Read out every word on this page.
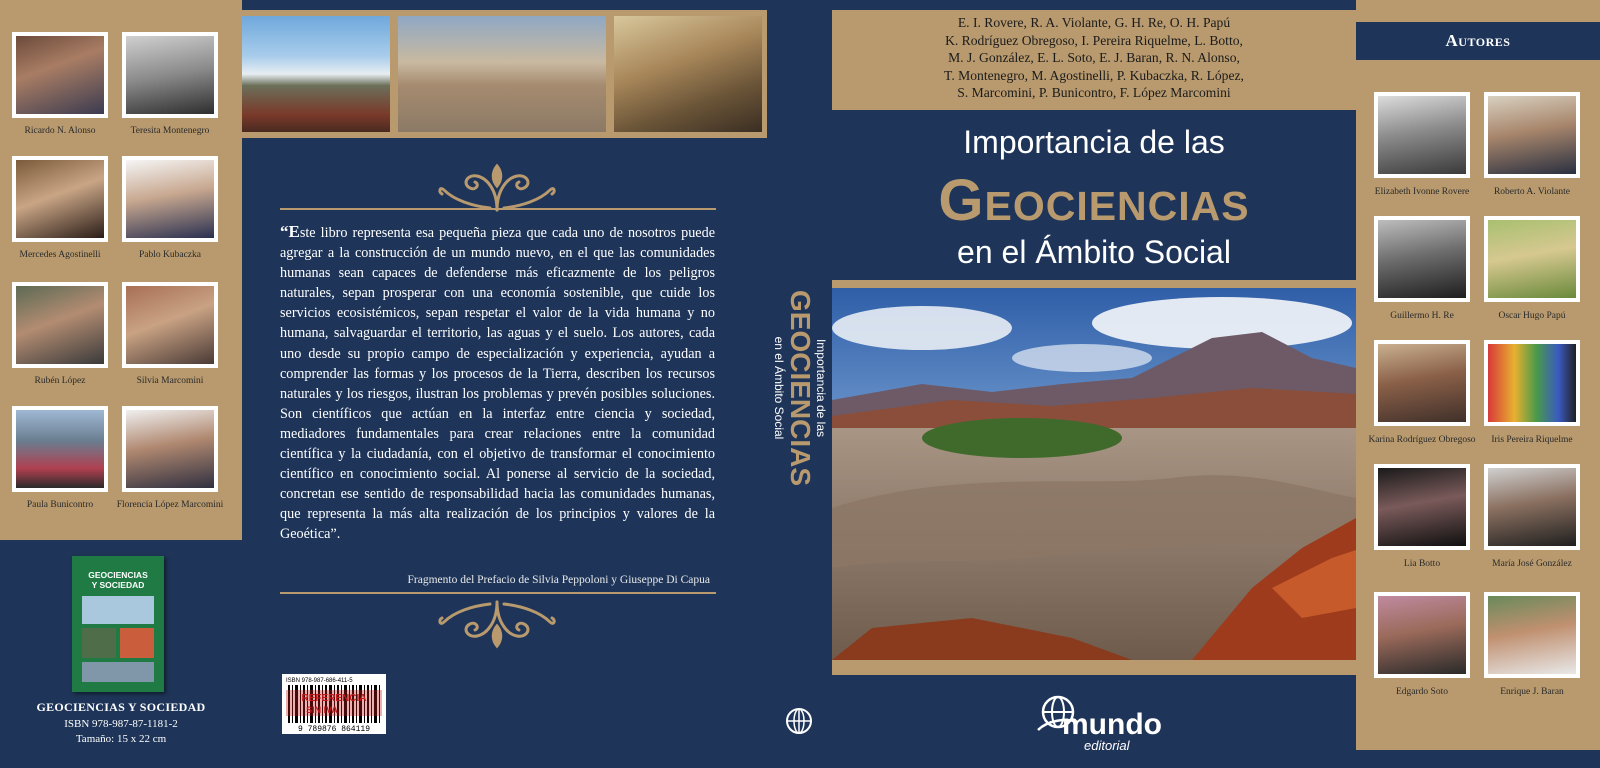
Ricardo N. Alonso	Teresita Montenegro
Mercedes Agostinelli	Pablo Kubaczka
Rubén López	Silvia Marcomini
Paula Bunicontro	Florencia López Marcomini
GEOCIENCIAS
Y SOCIEDAD
GEOCIENCIAS Y SOCIEDAD
ISBN 978-987-87-1181-2
Tamaño: 15 x 22 cm
“Este libro representa esa pequeña pieza que cada uno de nosotros puede agregar a la construcción de un mundo nuevo, en el que las comunidades humanas sean capaces de defenderse más eficazmente de los peligros naturales, sepan prosperar con una economía sostenible, que cuide los servicios ecosistémicos, sepan respetar el valor de la vida humana y no humana, salvaguardar el territorio, las aguas y el suelo. Los autores, cada uno desde su propio campo de especialización y experiencia, ayudan a comprender las formas y los procesos de la Tierra, describen los recursos naturales y los riesgos, ilustran los problemas y prevén posibles soluciones. Son científicos que actúan en la interfaz entre ciencia y sociedad, mediadores fundamentales para crear relaciones entre la comunidad científica y la ciudadanía, con el objetivo de transformar el conocimiento científico en conocimiento social. Al ponerse al servicio de la sociedad, concretan ese sentido de responsabilidad hacia las comunidades humanas, que representa la más alta realización de los principios y valores de la Geoética”.
Fragmento del Prefacio de Silvia Peppoloni y Giuseppe Di Capua
ISBN 978-987-686-411-5
REFERENCIA
SIN IVA
9 789876 864119
Importancia de las
GEOCIENCIAS
en el Ámbito Social
E. I. Rovere, R. A. Violante, G. H. Re, O. H. Papú
K. Rodríguez Obregoso, I. Pereira Riquelme, L. Botto,
M. J. González, E. L. Soto, E. J. Baran, R. N. Alonso,
T. Montenegro, M. Agostinelli, P. Kubaczka, R. López,
S. Marcomini, P. Bunicontro, F. López Marcomini
Importancia de las
Geociencias
en el Ámbito Social
mundo
editorial
Autores
Elizabeth Ivonne Rovere	Roberto A. Violante
Guillermo H. Re	Oscar Hugo Papú
Karina Rodríguez Obregoso	Iris Pereira Riquelme
Lia Botto	María José González
Edgardo Soto	Enrique J. Baran
